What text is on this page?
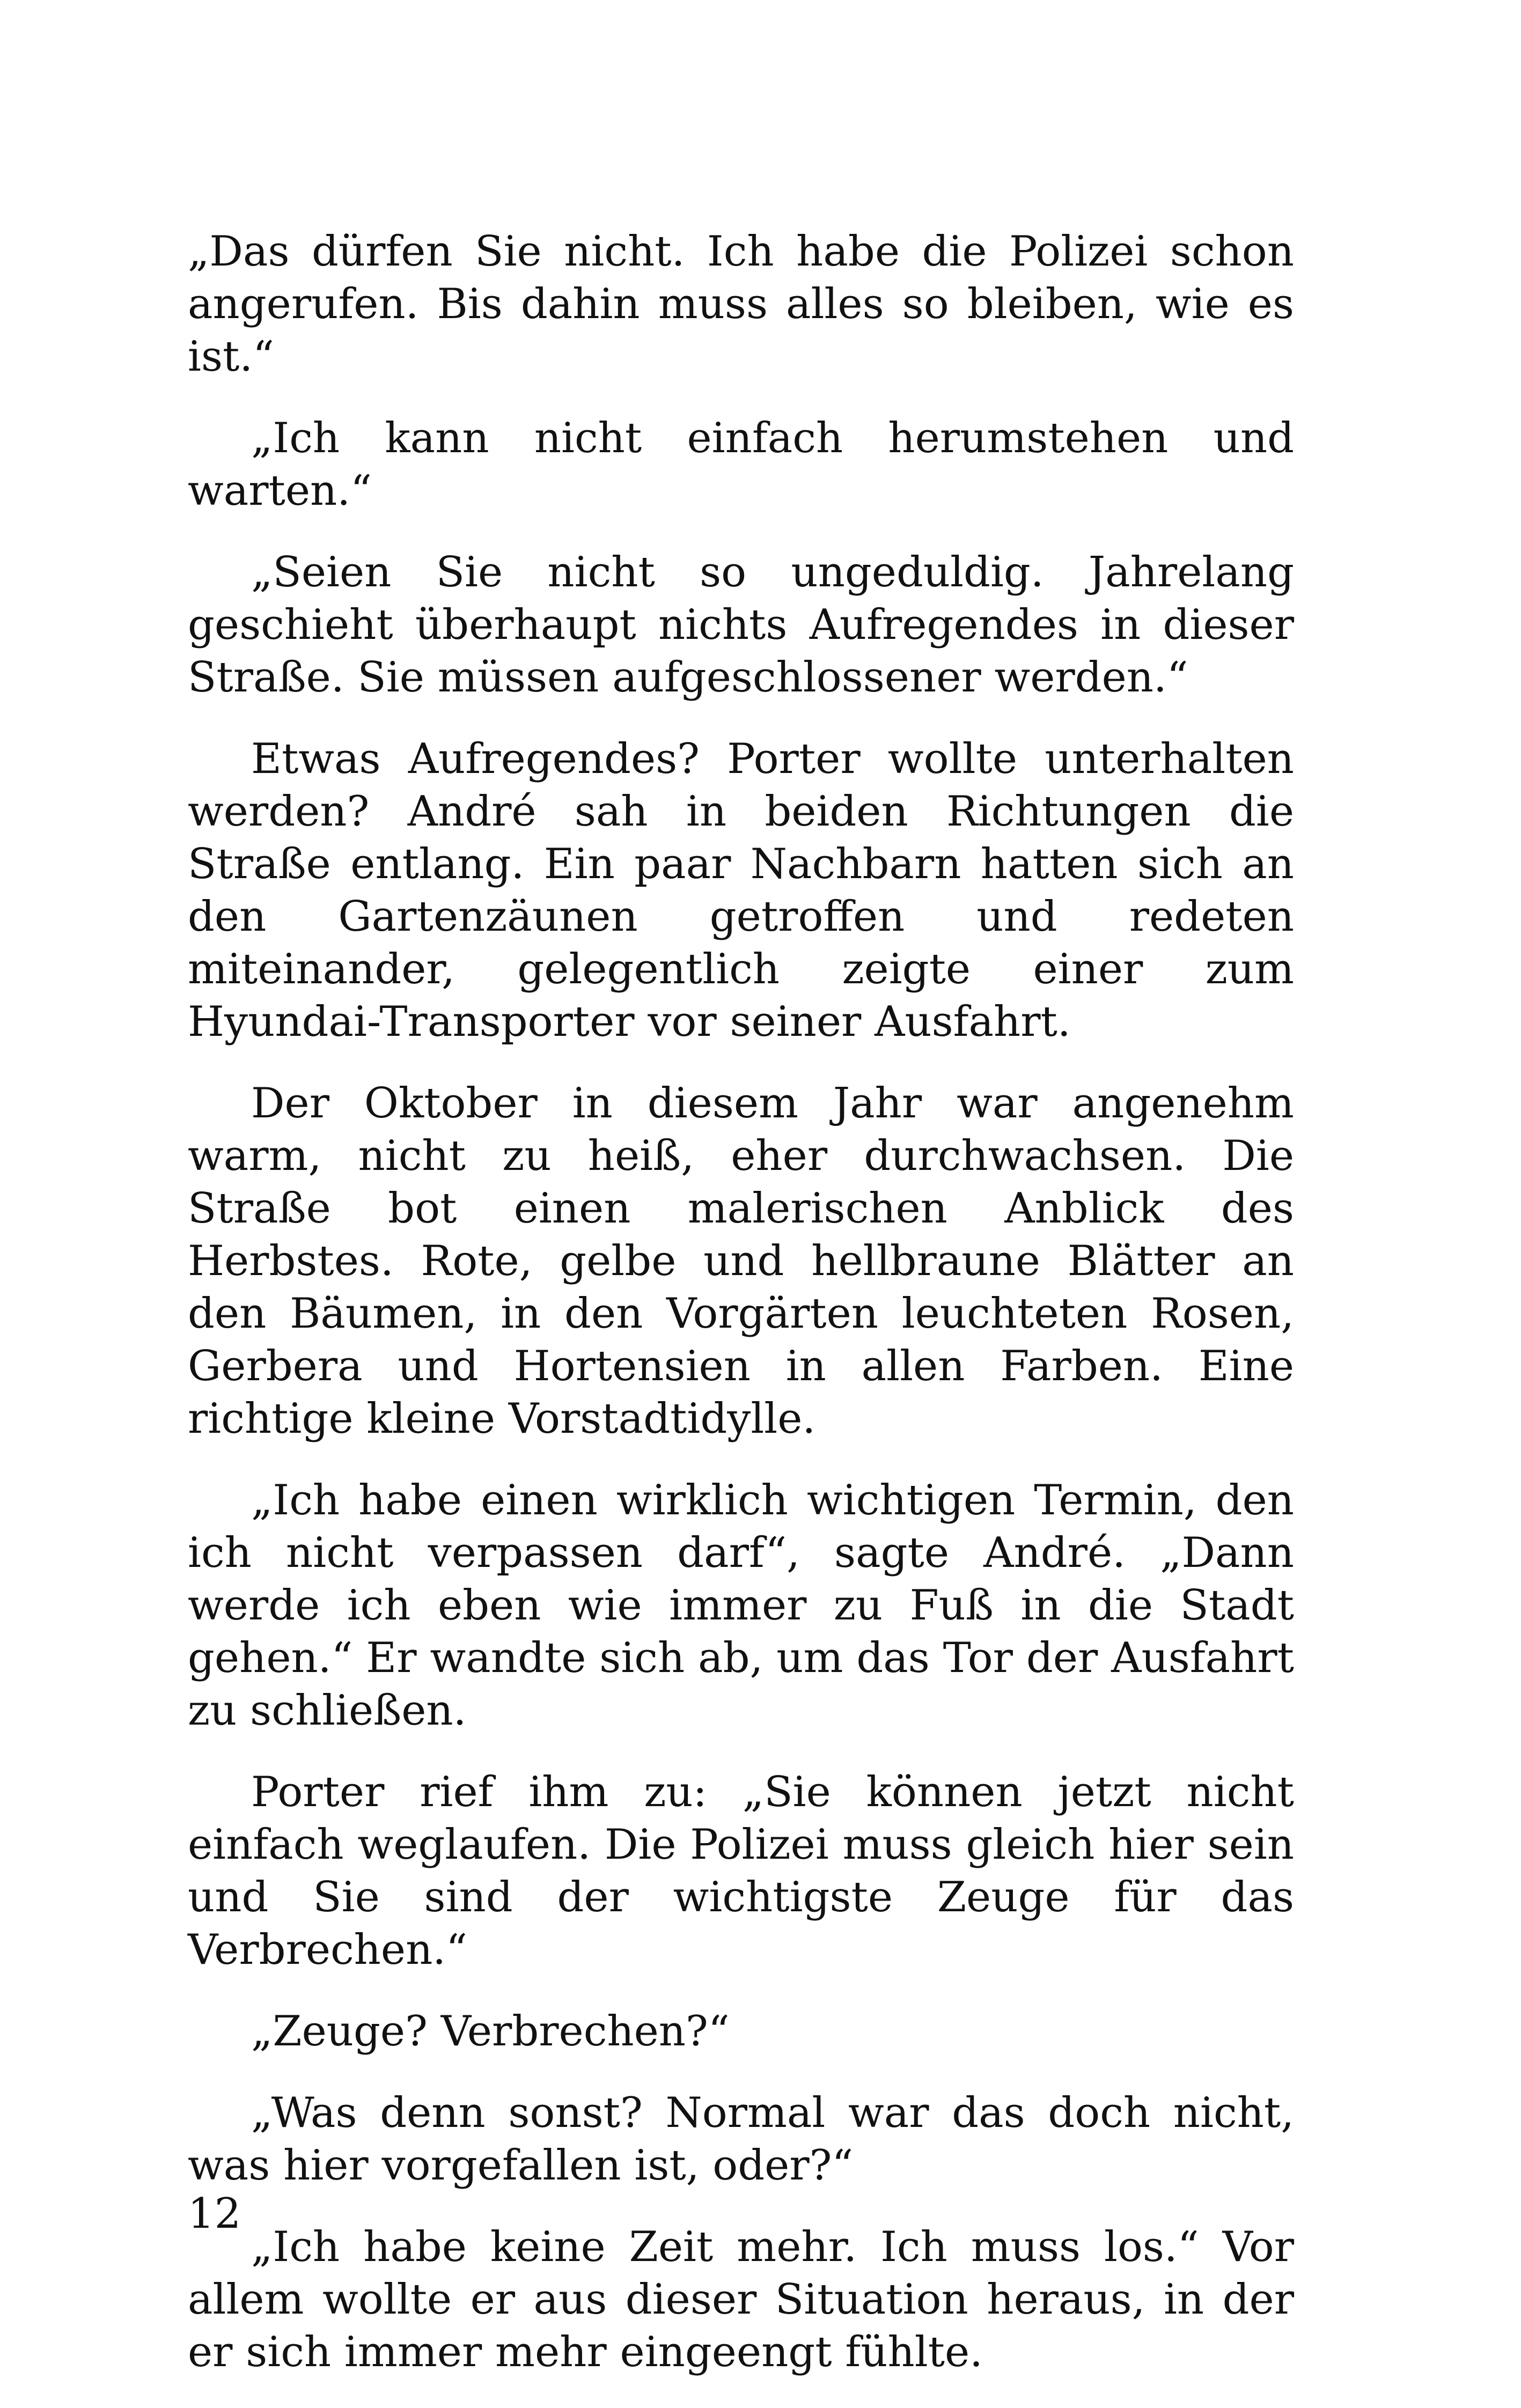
„Das dürfen Sie nicht. Ich habe die Polizei schon angerufen. Bis dahin muss alles so bleiben, wie es ist.“

„Ich kann nicht einfach herumstehen und warten.“

„Seien Sie nicht so ungeduldig. Jahrelang geschieht überhaupt nichts Aufregendes in dieser Straße. Sie müssen aufgeschlossener werden.“

Etwas Aufregendes? Porter wollte unterhalten werden? André sah in beiden Richtungen die Straße entlang. Ein paar Nachbarn hatten sich an den Gartenzäunen getroffen und redeten miteinander, gelegentlich zeigte einer zum Hyundai-Transporter vor seiner Ausfahrt.

Der Oktober in diesem Jahr war angenehm warm, nicht zu heiß, eher durchwachsen. Die Straße bot einen malerischen Anblick des Herbstes. Rote, gelbe und hellbraune Blätter an den Bäumen, in den Vorgärten leuchteten Rosen, Gerbera und Hortensien in allen Farben. Eine richtige kleine Vorstadtidylle.

„Ich habe einen wirklich wichtigen Termin, den ich nicht verpassen darf“, sagte André. „Dann werde ich eben wie immer zu Fuß in die Stadt gehen.“ Er wandte sich ab, um das Tor der Ausfahrt zu schließen.

Porter rief ihm zu: „Sie können jetzt nicht einfach weglaufen. Die Polizei muss gleich hier sein und Sie sind der wichtigste Zeuge für das Verbrechen.“

„Zeuge? Verbrechen?“

„Was denn sonst? Normal war das doch nicht, was hier vorgefallen ist, oder?“

„Ich habe keine Zeit mehr. Ich muss los.“ Vor allem wollte er aus dieser Situation heraus, in der er sich immer mehr eingeengt fühlte.

12
